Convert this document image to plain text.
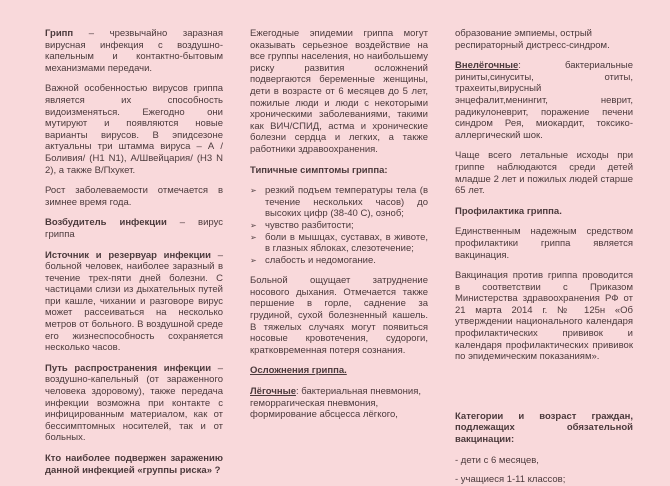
Грипп – чрезвычайно заразная вирусная инфекция с воздушно-капельным и контактно-бытовым механизмами передачи.

Важной особенностью вирусов гриппа является их способность видоизменяться. Ежегодно они мутируют и появляются новые варианты вирусов. В эпидсезоне актуальны три штамма вируса – А /Боливия/ (H1 N1), А/Швейцария/ (H3 N 2), а также В/Пхукет.

Рост заболеваемости отмечается в зимнее время года.

Возбудитель инфекции – вирус гриппа

Источник и резервуар инфекции – больной человек, наиболее заразный в течение трех-пяти дней болезни. С частицами слизи из дыхательных путей при кашле, чихании и разговоре вирус может рассеиваться на несколько метров от больного. В воздушной среде его жизнеспособность сохраняется несколько часов.

Путь распространения инфекции – воздушно-капельный (от зараженного человека здоровому), также передача инфекции возможна при контакте с инфицированным материалом, как от бессимптомных носителей, так и от больных.

Кто наиболее подвержен заражению данной инфекцией «группы риска» ?

Ежегодные эпидемии гриппа могут оказывать серьезное воздействие на все группы населения, но наибольшему риску развития осложнений подвергаются беременные женщины, дети в возрасте от 6 месяцев до 5 лет, пожилые люди и люди с некоторыми хроническими заболеваниями, такими как ВИЧ/СПИД, астма и хронические болезни сердца и легких, а также работники здравоохранения.

Типичные симптомы гриппа:

➢ резкий подъем температуры тела (в течение нескольких часов) до высоких цифр (38-40 С), озноб;
➢ чувство разбитости;
➢ боли в мышцах, суставах, в животе, в глазных яблоках, слезотечение;
➢ слабость и недомогание.

Больной ощущает затруднение носового дыхания. Отмечается также першение в горле, саднение за грудиной, сухой болезненный кашель. В тяжелых случаях могут появиться носовые кровотечения, судороги, кратковременная потеря сознания.

Осложнения гриппа.

Лёгочные: бактериальная пневмония, геморрагическая пневмония, формирование абсцесса лёгкого,

образование эмпиемы, острый респираторный дистресс-синдром.

Внелёгочные: бактериальные риниты,синуситы, отиты, трахеиты,вирусный энцефалит,менингит, неврит, радикулоневрит, поражение печени синдром Рея, миокардит, токсико-аллергический шок.

Чаще всего летальные исходы при гриппе наблюдаются среди детей младше 2 лет и пожилых людей старше 65 лет.

Профилактика гриппа.

Единственным надежным средством профилактики гриппа является вакцинация.

Вакцинация против гриппа проводится в соответствии с Приказом Министерства здравоохранения РФ от 21 марта 2014 г. № 125н «Об утверждении национального календаря профилактических прививок и календаря профилактических прививок по эпидемическим показаниям».

Категории и возраст граждан, подлежащих обязательной вакцинации:

- дети с 6 месяцев,

- учащиеся 1-11 классов;
